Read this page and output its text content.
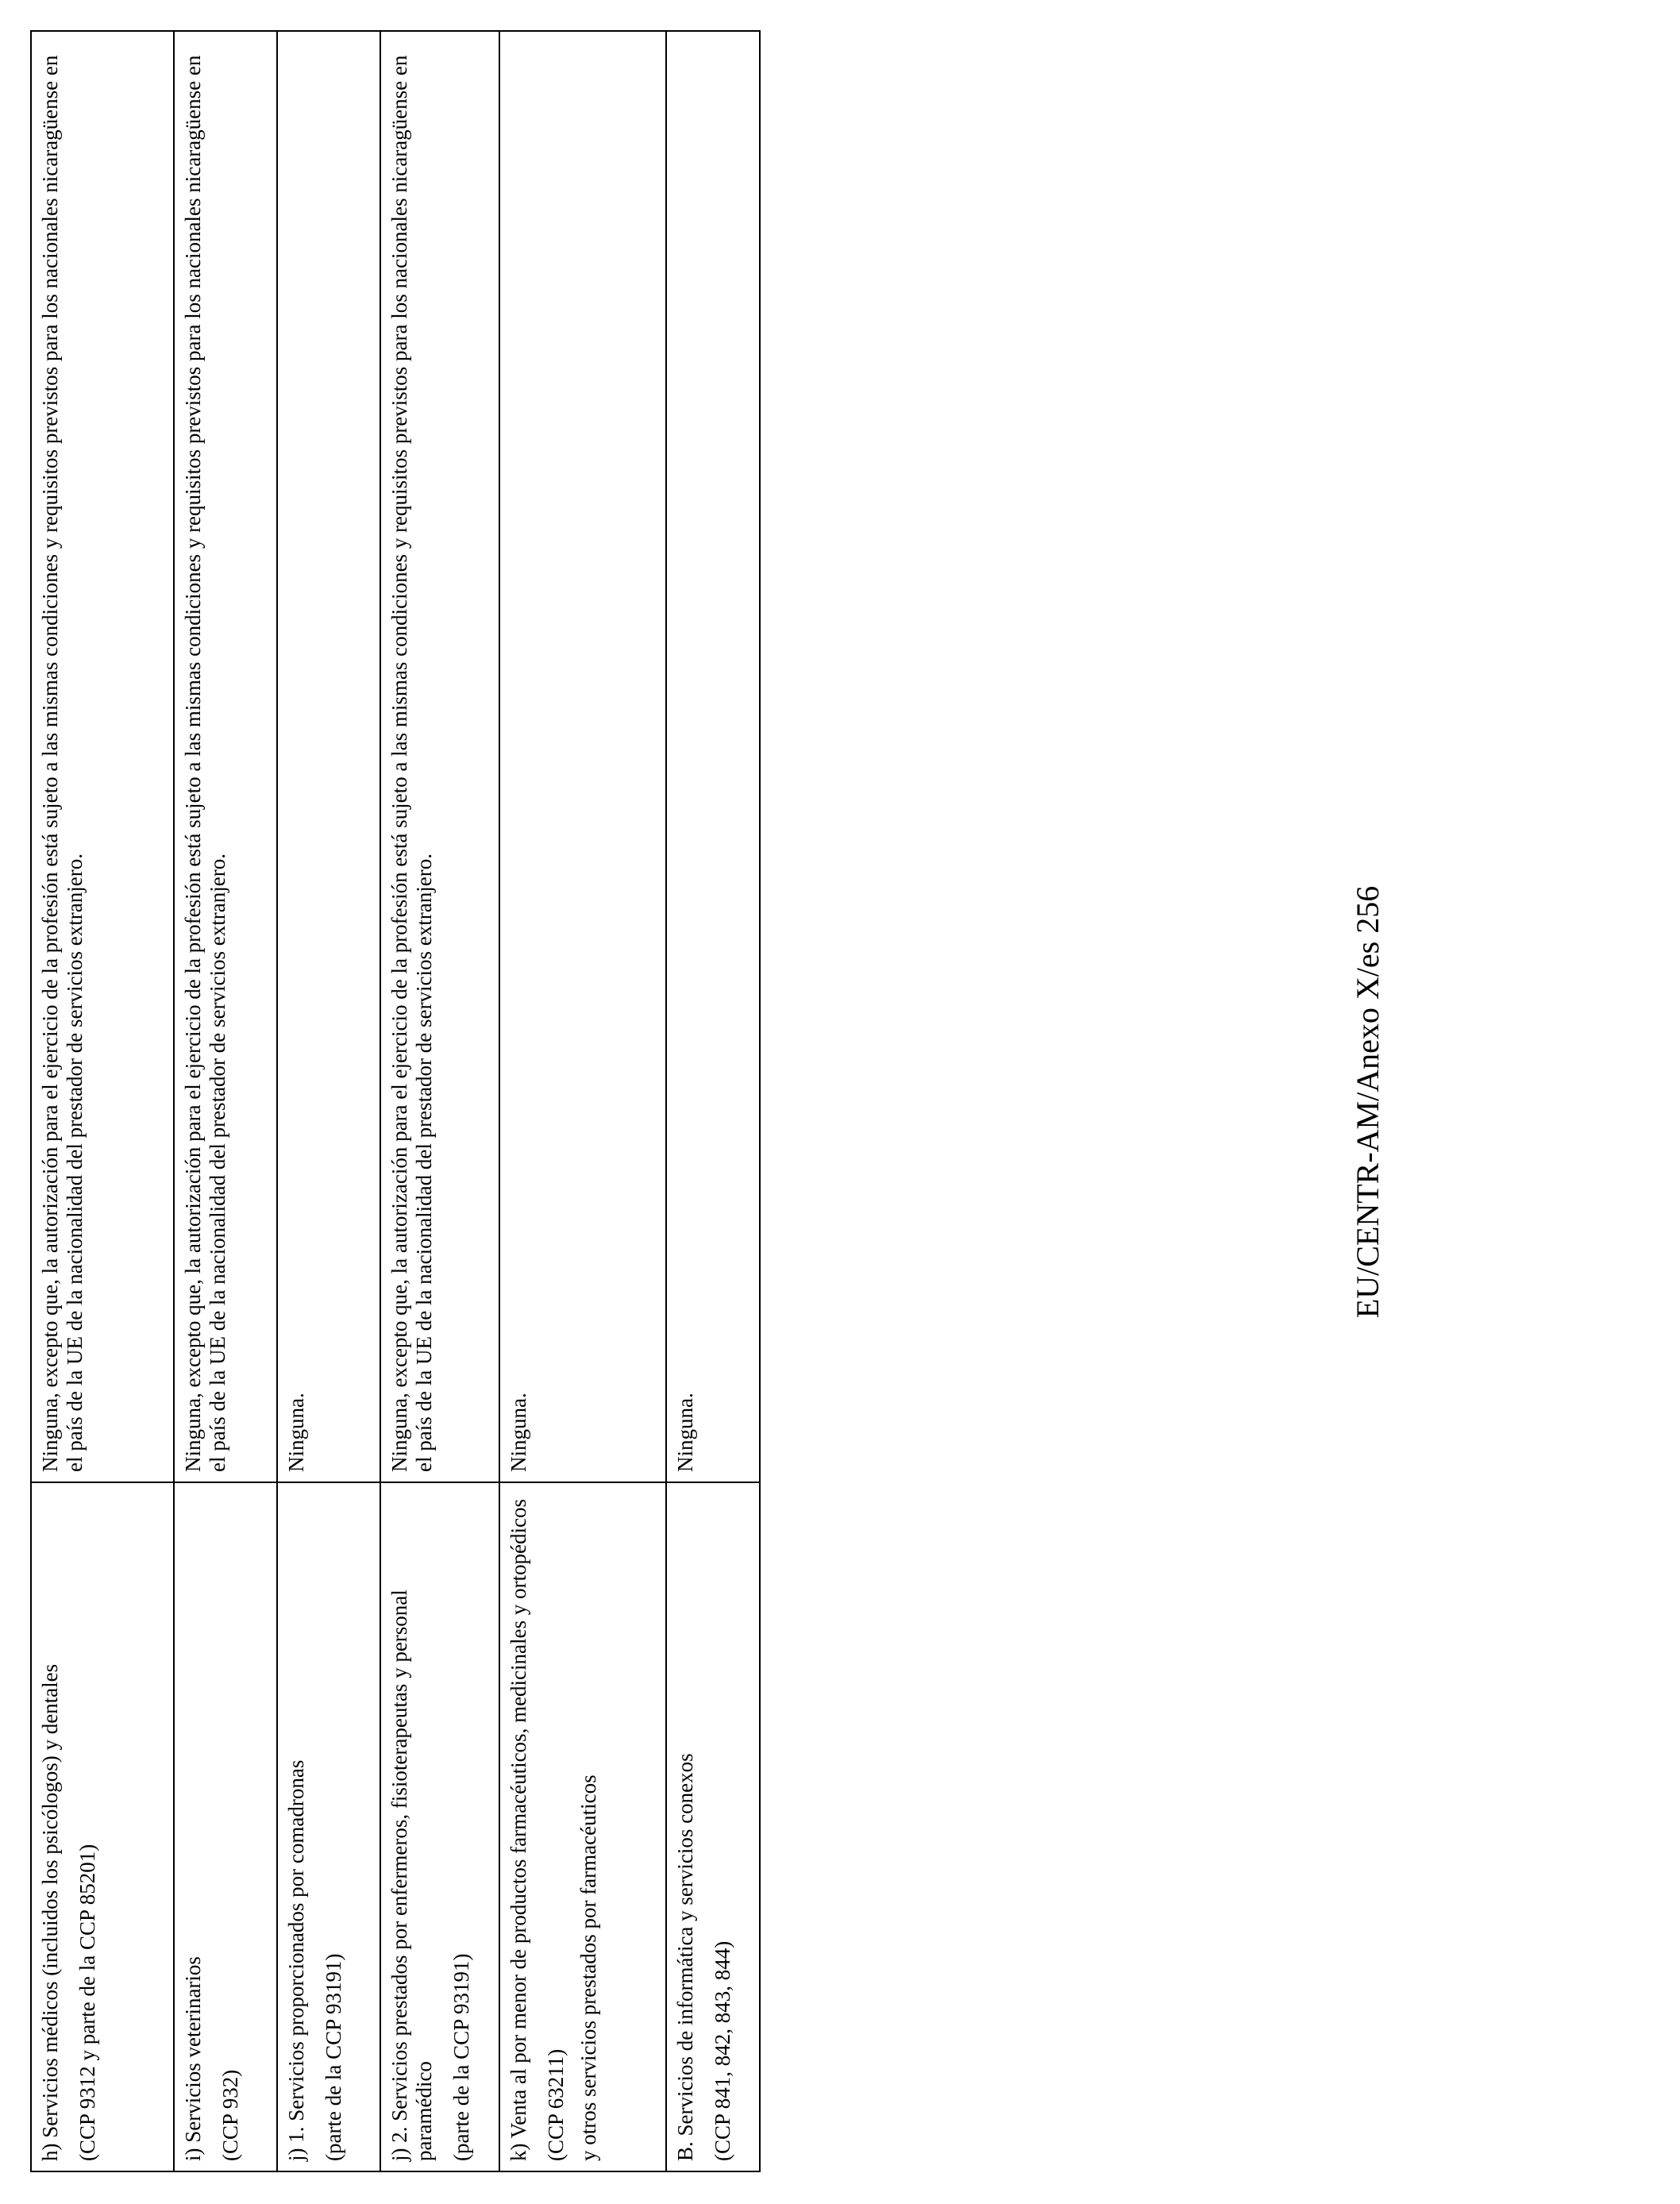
h) Servicios médicos (incluidos los psicólogos) y dentales (CCP 9312 y parte de la CCP 85201)	Ninguna, excepto que, la autorización para el ejercicio de la profesión está sujeto a las mismas condiciones y requisitos previstos para los nacionales nicaragüense en el país de la UE de la nacionalidad del prestador de servicios extranjero.

i) Servicios veterinarios (CCP 932)	Ninguna, excepto que, la autorización para el ejercicio de la profesión está sujeto a las mismas condiciones y requisitos previstos para los nacionales nicaragüense en el país de la UE de la nacionalidad del prestador de servicios extranjero.

j) 1. Servicios proporcionados por comadronas (parte de la CCP 93191)	Ninguna.

j) 2. Servicios prestados por enfermeros, fisioterapeutas y personal paramédico (parte de la CCP 93191)	Ninguna, excepto que, la autorización para el ejercicio de la profesión está sujeto a las mismas condiciones y requisitos previstos para los nacionales nicaragüense en el país de la UE de la nacionalidad del prestador de servicios extranjero.

k) Venta al por menor de productos farmacéuticos, medicinales y ortopédicos (CCP 63211) y otros servicios prestados por farmacéuticos	Ninguna.

B. Servicios de informática y servicios conexos (CCP 841, 842, 843, 844)	Ninguna.

EU/CENTR-AM/Anexo X/es 256
